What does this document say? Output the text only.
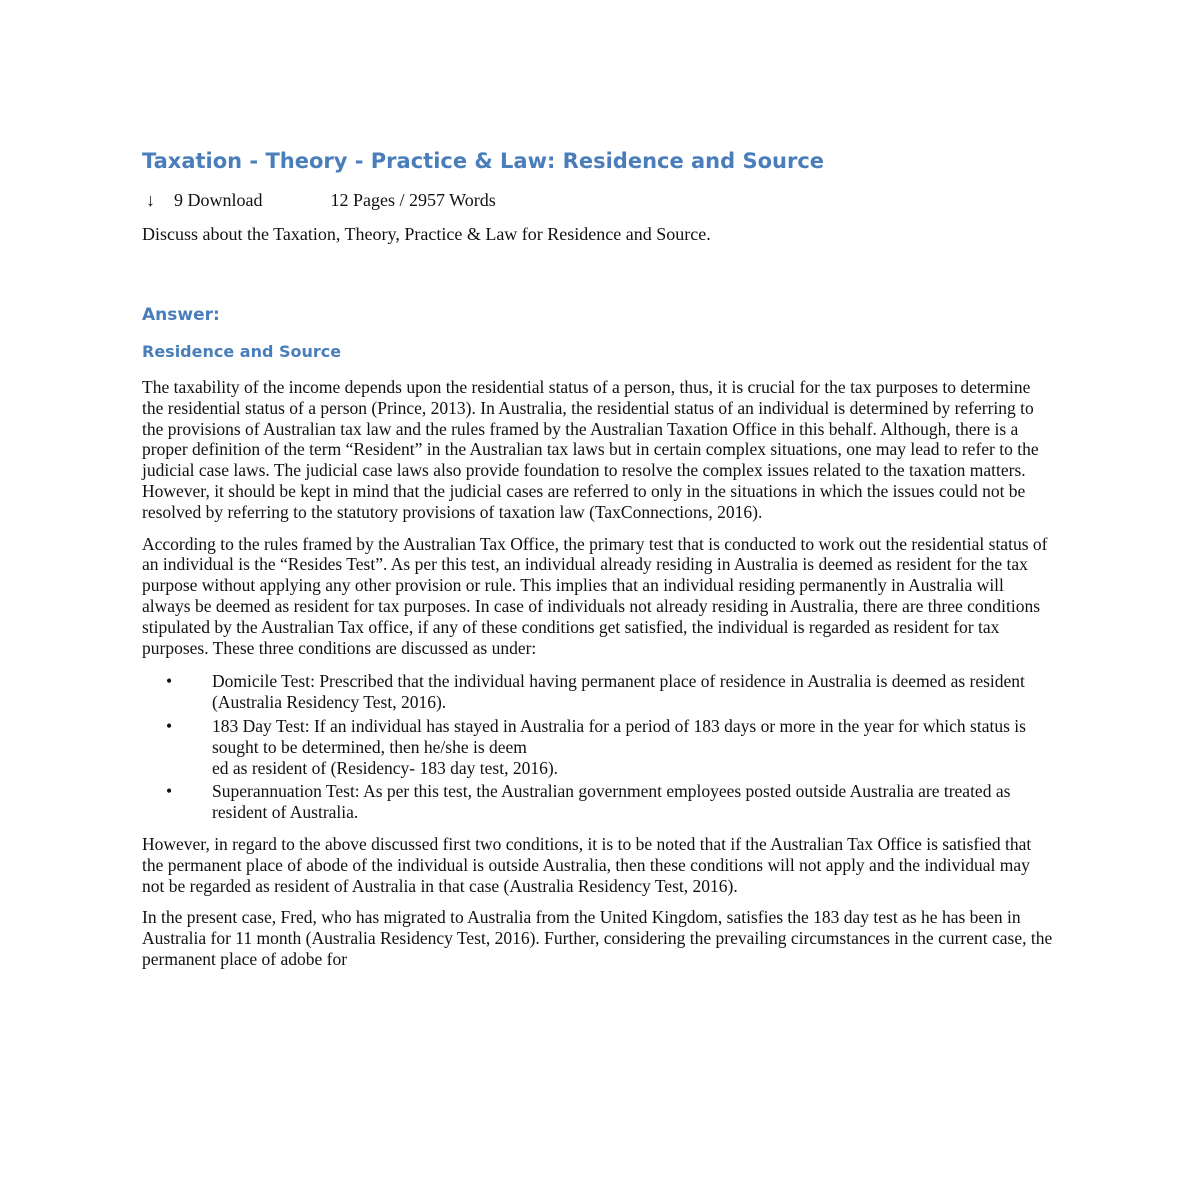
Taxation - Theory - Practice & Law: Residence and Source
↓ 9 Download	12 Pages / 2957 Words
Discuss about the Taxation, Theory, Practice & Law for Residence and Source.
Answer:
Residence and Source

The taxability of the income depends upon the residential status of a person, thus, it is crucial for the tax purposes to determine the residential status of a person (Prince, 2013). In Australia, the residential status of an individual is determined by referring to the provisions of Australian tax law and the rules framed by the Australian Taxation Office in this behalf. Although, there is a proper definition of the term “Resident” in the Australian tax laws but in certain complex situations, one may lead to refer to the judicial case laws. The judicial case laws also provide foundation to resolve the complex issues related to the taxation matters. However, it should be kept in mind that the judicial cases are referred to only in the situations in which the issues could not be resolved by referring to the statutory provisions of taxation law (TaxConnections, 2016).

According to the rules framed by the Australian Tax Office, the primary test that is conducted to work out the residential status of an individual is the “Resides Test”. As per this test, an individual already residing in Australia is deemed as resident for the tax purpose without applying any other provision or rule. This implies that an individual residing permanently in Australia will always be deemed as resident for tax purposes. In case of individuals not already residing in Australia, there are three conditions stipulated by the Australian Tax office, if any of these conditions get satisfied, the individual is regarded as resident for tax purposes. These three conditions are discussed as under:

• Domicile Test: Prescribed that the individual having permanent place of residence in Australia is deemed as resident (Australia Residency Test, 2016).
• 183 Day Test: If an individual has stayed in Australia for a period of 183 days or more in the year for which status is sought to be determined, then he/she is deem
ed as resident of (Residency- 183 day test, 2016).
• Superannuation Test: As per this test, the Australian government employees posted outside Australia are treated as resident of Australia.

However, in regard to the above discussed first two conditions, it is to be noted that if the Australian Tax Office is satisfied that the permanent place of abode of the individual is outside Australia, then these conditions will not apply and the individual may not be regarded as resident of Australia in that case (Australia Residency Test, 2016).

In the present case, Fred, who has migrated to Australia from the United Kingdom, satisfies the 183 day test as he has been in Australia for 11 month (Australia Residency Test, 2016). Further, considering the prevailing circumstances in the current case, the permanent place of adobe for
